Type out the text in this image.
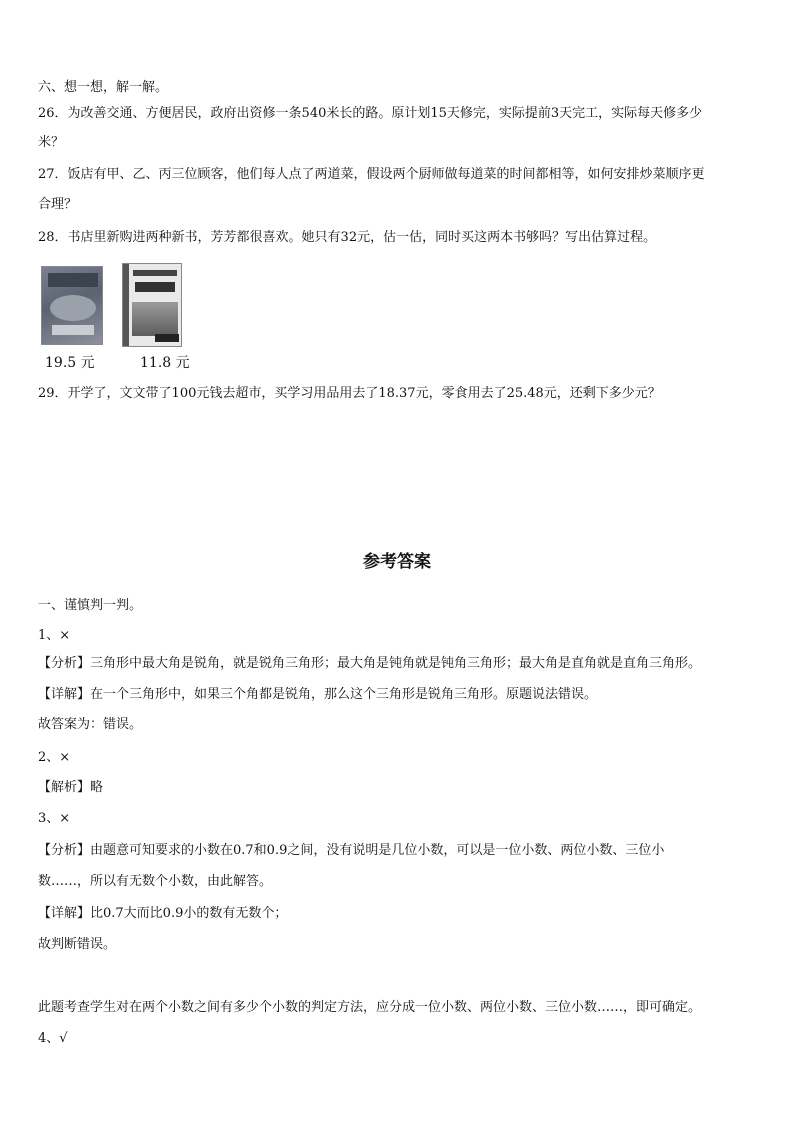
六、想一想，解一解。
26．为改善交通、方便居民，政府出资修一条540米长的路。原计划15天修完，实际提前3天完工，实际每天修多少
米？
27．饭店有甲、乙、丙三位顾客，他们每人点了两道菜，假设两个厨师做每道菜的时间都相等，如何安排炒菜顺序更
合理？
28．书店里新购进两种新书，芳芳都很喜欢。她只有32元，估一估，同时买这两本书够吗？写出估算过程。
19.5 元	11.8 元
29．开学了，文文带了100元钱去超市，买学习用品用去了18.37元，零食用去了25.48元，还剩下多少元？
参考答案
一、谨慎判一判。
1、×
【分析】三角形中最大角是锐角，就是锐角三角形；最大角是钝角就是钝角三角形；最大角是直角就是直角三角形。
【详解】在一个三角形中，如果三个角都是锐角，那么这个三角形是锐角三角形。原题说法错误。
故答案为：错误。
2、×
【解析】略
3、×
【分析】由题意可知要求的小数在0.7和0.9之间，没有说明是几位小数，可以是一位小数、两位小数、三位小
数……，所以有无数个小数，由此解答。
【详解】比0.7大而比0.9小的数有无数个；
故判断错误。
此题考查学生对在两个小数之间有多少个小数的判定方法，应分成一位小数、两位小数、三位小数……，即可确定。
4、√
